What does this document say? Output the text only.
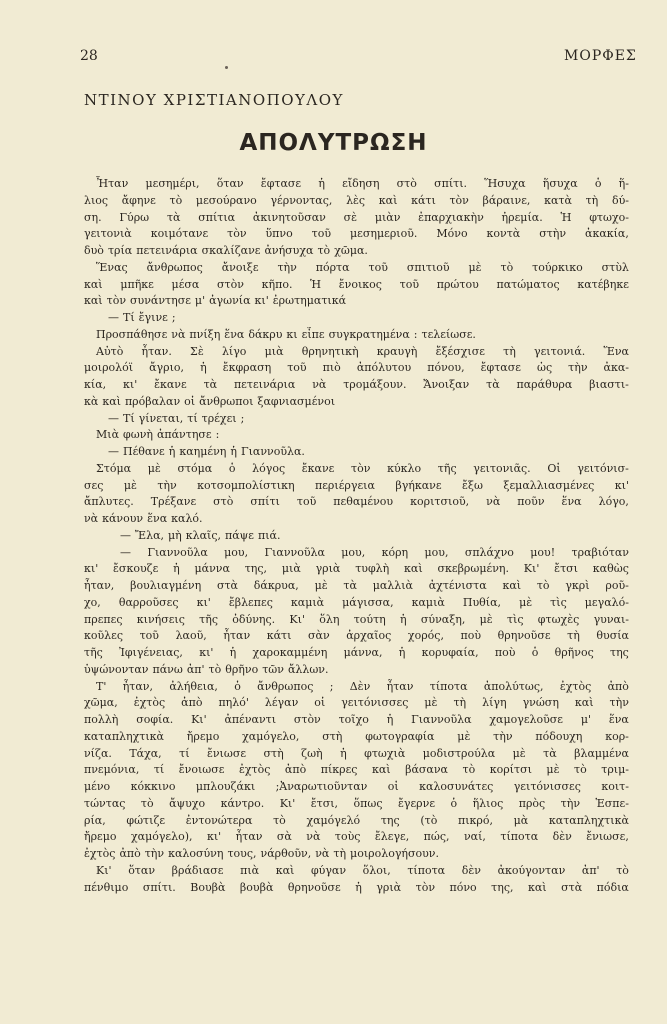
28	ΜΟΡΦΕΣ
ΝΤΙΝΟΥ ΧΡΙΣΤΙΑΝΟΠΟΥΛΟΥ
ΑΠΟΛΥΤΡΩΣΗ
Ἦταν μεσημέρι, ὅταν ἔφτασε ἡ εἴδηση στὸ σπίτι. Ἥσυχα ἥσυχα ὁ ἥ-
λιος ἄφηνε τὸ μεσούρανο γέρνοντας, λὲς καὶ κάτι τὸν βάραινε, κατὰ τὴ δύ-
ση. Γύρω τὰ σπίτια ἀκινητοῦσαν σὲ μιὰν ἐπαρχιακὴν ἠρεμία. Ἡ φτωχο-
γειτονιὰ κοιμότανε τὸν ὕπνο τοῦ μεσημεριοῦ. Μόνο κοντὰ στὴν ἀκακία,
δυὸ τρία πετεινάρια σκαλίζανε ἀνήσυχα τὸ χῶμα.
Ἕνας ἄνθρωπος ἄνοιξε τὴν πόρτα τοῦ σπιτιοῦ μὲ τὸ τούρκικο στὺλ
καὶ μπῆκε μέσα στὸν κῆπο. Ἡ ἔνοικος τοῦ πρώτου πατώματος κατέβηκε
καὶ τὸν συνάντησε μ' ἀγωνία κι' ἐρωτηματικά
— Τί ἔγινε ;
Προσπάθησε νὰ πνίξη ἕνα δάκρυ κι εἶπε συγκρατημένα : τελείωσε.
Αὐτὸ ἦταν. Σὲ λίγο μιὰ θρηνητικὴ κραυγὴ ἔξέσχισε τὴ γειτονιά. Ἕνα
μοιρολόϊ ἄγριο, ἡ ἔκφραση τοῦ πιὸ ἀπόλυτου πόνου, ἔφτασε ὡς τὴν ἀκα-
κία, κι' ἔκανε τὰ πετεινάρια νὰ τρομάξουν. Ἄνοιξαν τὰ παράθυρα βιαστι-
κὰ καὶ πρόβαλαν οἱ ἄνθρωποι ξαφνιασμένοι
— Τί γίνεται, τί τρέχει ;
Μιὰ φωνὴ ἀπάντησε :
— Πέθανε ἡ καημένη ἡ Γιαννοῦλα.
Στόμα μὲ στόμα ὁ λόγος ἔκανε τὸν κύκλο τῆς γειτονιᾶς. Οἱ γειτόνισ-
σες μὲ τὴν κοτσομπολίστικη περιέργεια βγήκανε ἔξω ξεμαλλιασμένες κι'
ἄπλυτες. Τρέξανε στὸ σπίτι τοῦ πεθαμένου κοριτσιοῦ, νὰ ποῦν ἕνα λόγο,
νὰ κάνουν ἕνα καλό.
— Ἔλα, μὴ κλαῖς, πάψε πιά.
— Γιαννοῦλα μου, Γιαννοῦλα μου, κόρη μου, σπλάχνο μου! τραβιόταν
κι' ἔσκουζε ἡ μάννα της, μιὰ γριὰ τυφλὴ καὶ σκεβρωμένη. Κι' ἔτσι καθὼς
ἦταν, βουλιαγμένη στὰ δάκρυα, μὲ τὰ μαλλιὰ ἀχτένιστα καὶ τὸ γκρὶ ροῦ-
χο, θαρροῦσες κι' ἔβλεπες καμιὰ μάγισσα, καμιὰ Πυθία, μὲ τὶς μεγαλό-
πρεπες κινήσεις τῆς ὀδύνης. Κι' ὅλη τούτη ἡ σύναξη, μὲ τὶς φτωχὲς γυναι-
κοῦλες τοῦ λαοῦ, ἦταν κάτι σὰν ἀρχαῖος χορός, ποὺ θρηνοῦσε τὴ θυσία
τῆς Ἰφιγένειας, κι' ἡ χαροκαμμένη μάννα, ἡ κορυφαία, ποὺ ὁ θρῆνος της
ὑψώνονταν πάνω ἀπ' τὸ θρῆνο τῶν ἄλλων.
Τ' ἦταν, ἀλήθεια, ὁ ἄνθρωπος ; Δὲν ἦταν τίποτα ἀπολύτως, ἐχτὸς ἀπὸ
χῶμα, ἐχτὸς ἀπὸ πηλό' λέγαν οἱ γειτόνισσες μὲ τὴ λίγη γνώση καὶ τὴν
πολλὴ σοφία. Κι' ἀπέναντι στὸν τοῖχο ἡ Γιαννοῦλα χαμογελοῦσε μ' ἕνα
καταπληχτικὰ ἤρεμο χαμόγελο, στὴ φωτογραφία μὲ τὴν πόδουχη κορ-
νίζα. Τάχα, τί ἔνιωσε στὴ ζωὴ ἡ φτωχιὰ μοδιστρούλα μὲ τὰ βλαμμένα
πνεμόνια, τί ἔνοιωσε ἐχτὸς ἀπὸ πίκρες καὶ βάσανα τὸ κορίτσι μὲ τὸ τριμ-
μένο κόκκινο μπλουζάκι ;Ἀναρωτιοῦνταν οἱ καλοσυνάτες γειτόνισσες κοιτ-
τώντας τὸ ἄψυχο κάντρο. Κι' ἔτσι, ὅπως ἔγερνε ὁ ἥλιος πρὸς τὴν Ἑσπε-
ρία, φώτιζε ἐντονώτερα τὸ χαμόγελό της (τὸ πικρό, μὰ καταπληχτικὰ
ἤρεμο χαμόγελο), κι' ἦταν σὰ νὰ τοὺς ἔλεγε, πώς, ναί, τίποτα δὲν ἔνιωσε,
ἐχτὸς ἀπὸ τὴν καλοσύνη τους, νάρθοῦν, νὰ τὴ μοιρολογήσουν.
Κι' ὅταν βράδιασε πιὰ καὶ φύγαν ὅλοι, τίποτα δὲν ἀκούγονταν ἀπ' τὸ
πένθιμο σπίτι. Βουβὰ βουβὰ θρηνοῦσε ἡ γριὰ τὸν πόνο της, καὶ στὰ πόδια
